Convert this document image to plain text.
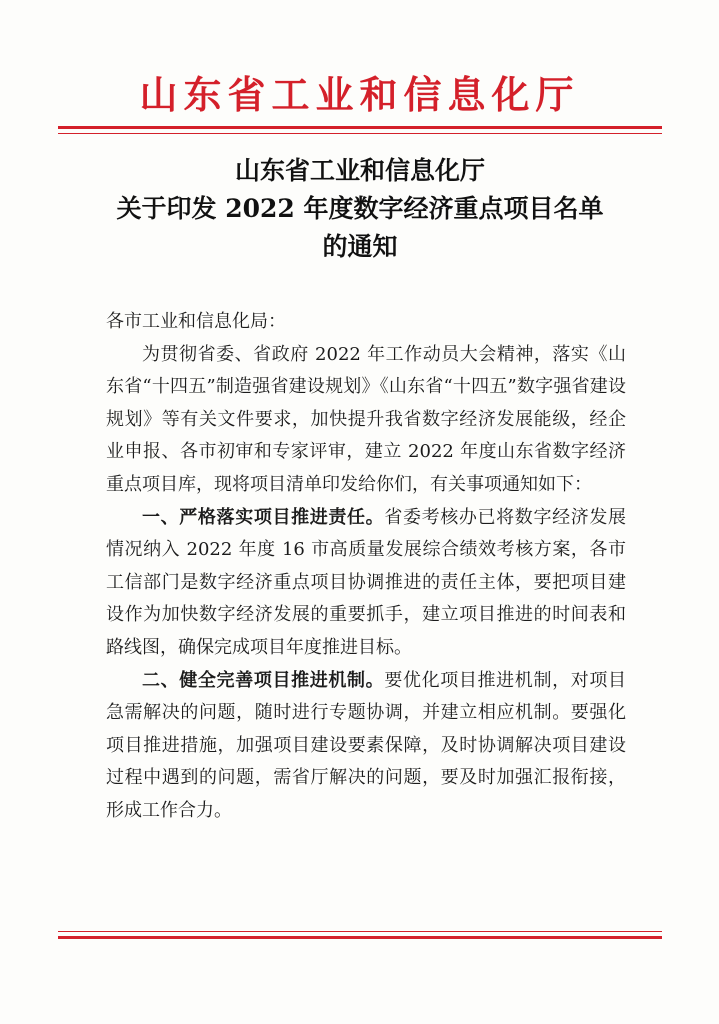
山东省工业和信息化厅
山东省工业和信息化厅
关于印发 2022 年度数字经济重点项目名单
的通知

各市工业和信息化局：

为贯彻省委、省政府 2022 年工作动员大会精神，落实《山东省“十四五”制造强省建设规划》《山东省“十四五”数字强省建设规划》等有关文件要求，加快提升我省数字经济发展能级，经企业申报、各市初审和专家评审，建立 2022 年度山东省数字经济重点项目库，现将项目清单印发给你们，有关事项通知如下：

一、严格落实项目推进责任。省委考核办已将数字经济发展情况纳入 2022 年度 16 市高质量发展综合绩效考核方案，各市工信部门是数字经济重点项目协调推进的责任主体，要把项目建设作为加快数字经济发展的重要抓手，建立项目推进的时间表和路线图，确保完成项目年度推进目标。

二、健全完善项目推进机制。要优化项目推进机制，对项目急需解决的问题，随时进行专题协调，并建立相应机制。要强化项目推进措施，加强项目建设要素保障，及时协调解决项目建设过程中遇到的问题，需省厅解决的问题，要及时加强汇报衔接，形成工作合力。
